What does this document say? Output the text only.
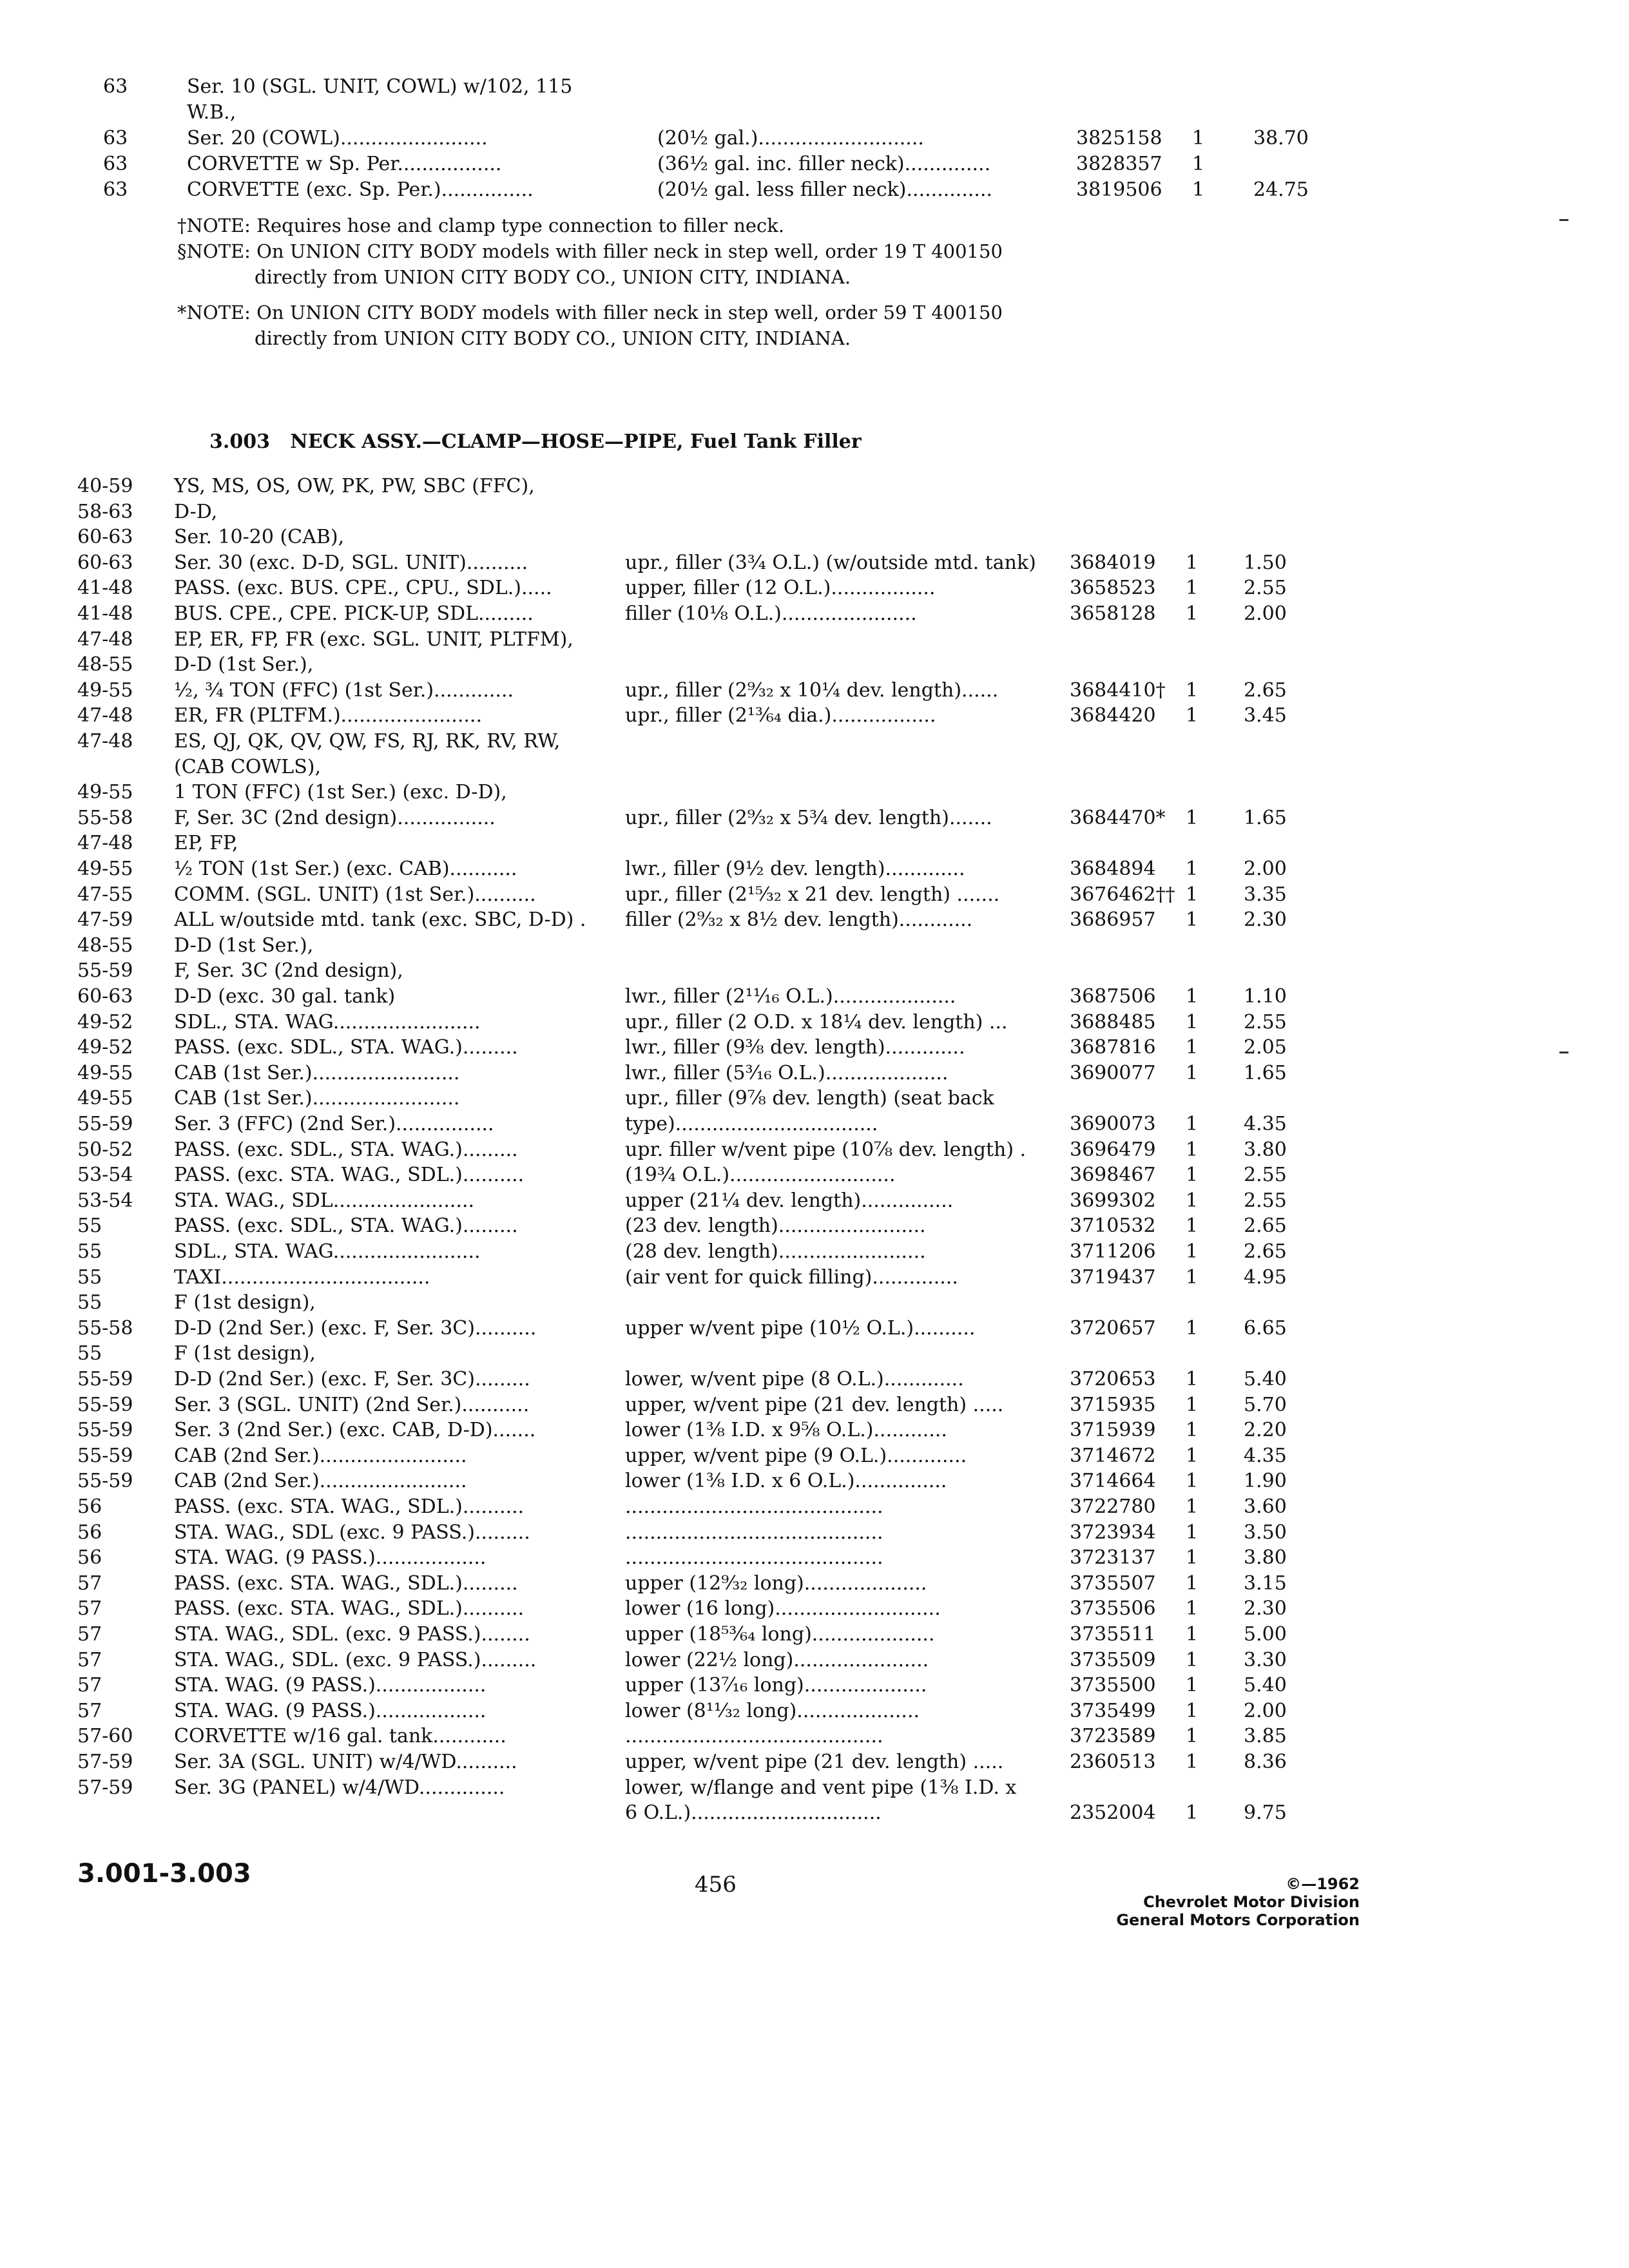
63	Ser. 10 (SGL. UNIT, COWL) w/102, 115
W.B.,
63	Ser. 20 (COWL)........................	(20½ gal.)...........................	3825158 1	38.70
63	CORVETTE w Sp. Per.................	(36½ gal. inc. filler neck)..............	3828357 1
63	CORVETTE (exc. Sp. Per.)...............	(20½ gal. less filler neck)..............	3819506 1	24.75
†NOTE: Requires hose and clamp type connection to filler neck.
§NOTE: On UNION CITY BODY models with filler neck in step well, order 19 T 400150
directly from UNION CITY BODY CO., UNION CITY, INDIANA.
*NOTE: On UNION CITY BODY models with filler neck in step well, order 59 T 400150
directly from UNION CITY BODY CO., UNION CITY, INDIANA.
3.003 NECK ASSY.—CLAMP—HOSE—PIPE, Fuel Tank Filler
40-59 YS, MS, OS, OW, PK, PW, SBC (FFC),
58-63 D-D,
60-63 Ser. 10-20 (CAB),
60-63 Ser. 30 (exc. D-D, SGL. UNIT)..........	upr., filler (3¾ O.L.) (w/outside mtd. tank) 3684019 1 1.50
41-48 PASS. (exc. BUS. CPE., CPU., SDL.).....	upper, filler (12 O.L.).................	3658523 1 2.55
41-48 BUS. CPE., CPE. PICK-UP, SDL.........	filler (10⅛ O.L.)......................	3658128 1 2.00
47-48 EP, ER, FP, FR (exc. SGL. UNIT, PLTFM),
48-55 D-D (1st Ser.),
49-55 ½, ¾ TON (FFC) (1st Ser.).............	upr., filler (2⁹⁄₃₂ x 10¼ dev. length)......	3684410† 1 2.65
47-48 ER, FR (PLTFM.).......................	upr., filler (2¹³⁄₆₄ dia.).................	3684420 1 3.45
47-48 ES, QJ, QK, QV, QW, FS, RJ, RK, RV, RW,
(CAB COWLS),
49-55 1 TON (FFC) (1st Ser.) (exc. D-D),
55-58 F, Ser. 3C (2nd design)................	upr., filler (2⁹⁄₃₂ x 5¾ dev. length).......	3684470* 1 1.65
47-48 EP, FP,
49-55 ½ TON (1st Ser.) (exc. CAB)...........	lwr., filler (9½ dev. length).............	3684894 1 2.00
47-55 COMM. (SGL. UNIT) (1st Ser.)..........	upr., filler (2¹⁵⁄₃₂ x 21 dev. length) .......	3676462†† 1 3.35
47-59 ALL w/outside mtd. tank (exc. SBC, D-D) . filler (2⁹⁄₃₂ x 8½ dev. length)............	3686957 1 2.30
48-55 D-D (1st Ser.),
55-59 F, Ser. 3C (2nd design),
60-63 D-D (exc. 30 gal. tank)	lwr., filler (2¹¹⁄₁₆ O.L.)....................	3687506 1 1.10
49-52 SDL., STA. WAG........................	upr., filler (2 O.D. x 18¼ dev. length) ...	3688485 1 2.55
49-52 PASS. (exc. SDL., STA. WAG.).........	lwr., filler (9⅜ dev. length).............	3687816 1 2.05
49-55 CAB (1st Ser.)........................	lwr., filler (5³⁄₁₆ O.L.)....................	3690077 1 1.65
49-55 CAB (1st Ser.)........................	upr., filler (9⅞ dev. length) (seat back
55-59 Ser. 3 (FFC) (2nd Ser.)................	type).................................	3690073 1 4.35
50-52 PASS. (exc. SDL., STA. WAG.).........	upr. filler w/vent pipe (10⅞ dev. length) . 3696479 1 3.80
53-54 PASS. (exc. STA. WAG., SDL.)..........	(19¾ O.L.)...........................	3698467 1 2.55
53-54 STA. WAG., SDL.......................	upper (21¼ dev. length)...............	3699302 1 2.55
55	PASS. (exc. SDL., STA. WAG.).........	(23 dev. length)........................	3710532 1 2.65
55	SDL., STA. WAG........................	(28 dev. length)........................	3711206 1 2.65
55	TAXI..................................	(air vent for quick filling)..............	3719437 1 4.95
55	F (1st design),
55-58 D-D (2nd Ser.) (exc. F, Ser. 3C)..........	upper w/vent pipe (10½ O.L.)..........	3720657 1 6.65
55	F (1st design),
55-59 D-D (2nd Ser.) (exc. F, Ser. 3C).........	lower, w/vent pipe (8 O.L.).............	3720653 1 5.40
55-59 Ser. 3 (SGL. UNIT) (2nd Ser.)...........	upper, w/vent pipe (21 dev. length) .....	3715935 1 5.70
55-59 Ser. 3 (2nd Ser.) (exc. CAB, D-D).......	lower (1⅜ I.D. x 9⅝ O.L.)............	3715939 1 2.20
55-59 CAB (2nd Ser.)........................	upper, w/vent pipe (9 O.L.).............	3714672 1 4.35
55-59 CAB (2nd Ser.)........................	lower (1⅜ I.D. x 6 O.L.)...............	3714664 1 1.90
56	PASS. (exc. STA. WAG., SDL.)..........	..........................................	3722780 1 3.60
56	STA. WAG., SDL (exc. 9 PASS.).........	..........................................	3723934 1 3.50
56	STA. WAG. (9 PASS.)..................	..........................................	3723137 1 3.80
57	PASS. (exc. STA. WAG., SDL.).........	upper (12⁹⁄₃₂ long)....................	3735507 1 3.15
57	PASS. (exc. STA. WAG., SDL.)..........	lower (16 long)...........................	3735506 1 2.30
57	STA. WAG., SDL. (exc. 9 PASS.)........	upper (18⁵³⁄₆₄ long)....................	3735511 1 5.00
57	STA. WAG., SDL. (exc. 9 PASS.).........	lower (22½ long)......................	3735509 1 3.30
57	STA. WAG. (9 PASS.)..................	upper (13⁷⁄₁₆ long)....................	3735500 1 5.40
57	STA. WAG. (9 PASS.)..................	lower (8¹¹⁄₃₂ long)....................	3735499 1 2.00
57-60 CORVETTE w/16 gal. tank............	..........................................	3723589 1 3.85
57-59 Ser. 3A (SGL. UNIT) w/4/WD..........	upper, w/vent pipe (21 dev. length) .....	2360513 1 8.36
57-59 Ser. 3G (PANEL) w/4/WD..............	lower, w/flange and vent pipe (1⅜ I.D. x
6 O.L.)...............................	2352004 1 9.75
3.001-3.003	456	©—1962
Chevrolet Motor Division
General Motors Corporation
